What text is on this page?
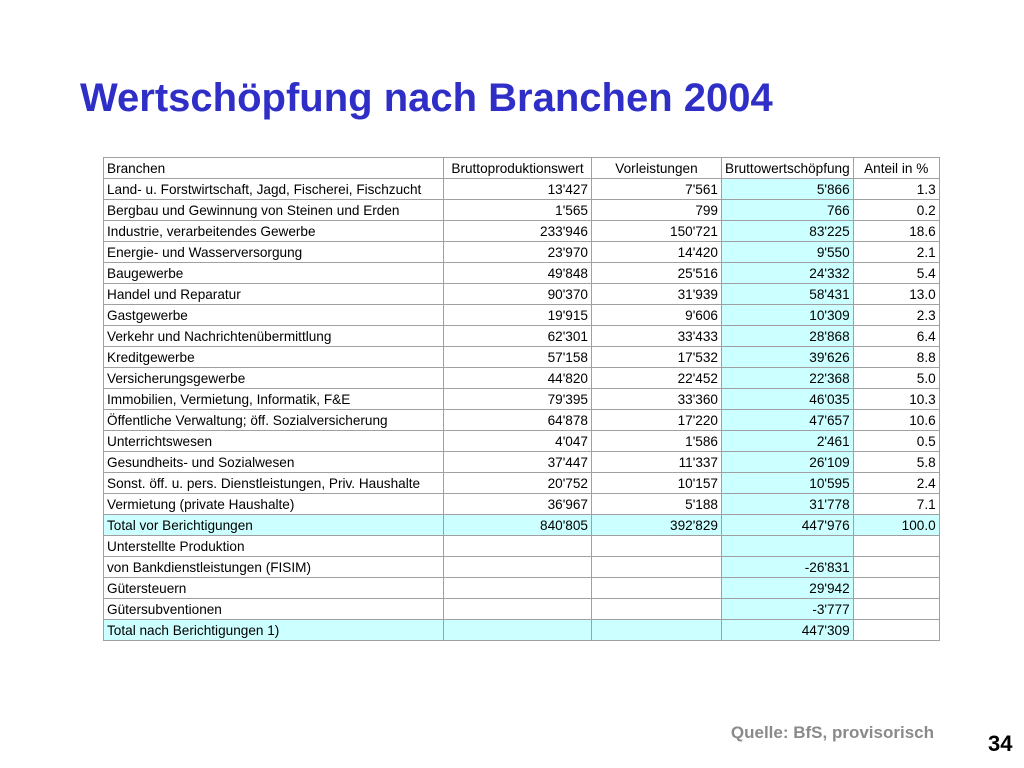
Wertschöpfung nach Branchen 2004
Branchen	Bruttoproduktionswert	Vorleistungen	Bruttowertschöpfung	Anteil in %
Land- u. Forstwirtschaft, Jagd, Fischerei, Fischzucht	13'427	7'561	5'866	1.3
Bergbau und Gewinnung von Steinen und Erden	1'565	799	766	0.2
Industrie, verarbeitendes Gewerbe	233'946	150'721	83'225	18.6
Energie- und Wasserversorgung	23'970	14'420	9'550	2.1
Baugewerbe	49'848	25'516	24'332	5.4
Handel und Reparatur	90'370	31'939	58'431	13.0
Gastgewerbe	19'915	9'606	10'309	2.3
Verkehr und Nachrichtenübermittlung	62'301	33'433	28'868	6.4
Kreditgewerbe	57'158	17'532	39'626	8.8
Versicherungsgewerbe	44'820	22'452	22'368	5.0
Immobilien, Vermietung, Informatik, F&E	79'395	33'360	46'035	10.3
Öffentliche Verwaltung; öff. Sozialversicherung	64'878	17'220	47'657	10.6
Unterrichtswesen	4'047	1'586	2'461	0.5
Gesundheits- und Sozialwesen	37'447	11'337	26'109	5.8
Sonst. öff. u. pers. Dienstleistungen, Priv. Haushalte	20'752	10'157	10'595	2.4
Vermietung (private Haushalte)	36'967	5'188	31'778	7.1
Total vor Berichtigungen	840'805	392'829	447'976	100.0
Unterstellte Produktion				
von Bankdienstleistungen (FISIM)			-26'831	
Gütersteuern			29'942	
Gütersubventionen			-3'777	
Total nach Berichtigungen 1)			447'309	
Quelle: BfS, provisorisch 34
